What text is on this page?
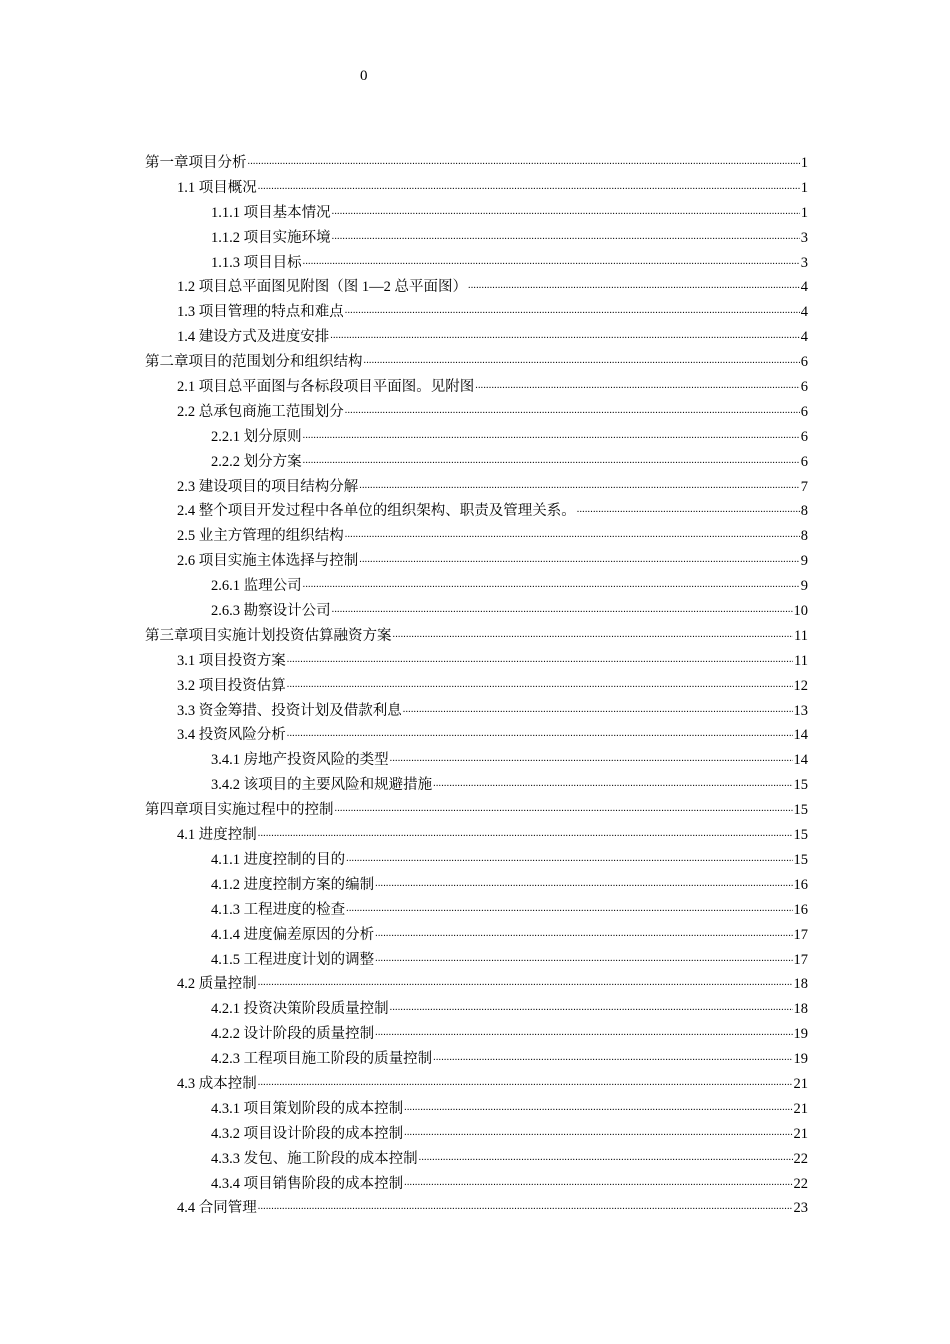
0
第一章项目分析 .....	1
1.1 项目概况 .....	1
1.1.1 项目基本情况 .....	1
1.1.2 项目实施环境 .....	3
1.1.3 项目目标 .....	3
1.2 项目总平面图见附图（图 1—2 总平面图） .....	4
1.3 项目管理的特点和难点 .....	4
1.4 建设方式及进度安排 .....	4
第二章项目的范围划分和组织结构 .....	6
2.1 项目总平面图与各标段项目平面图。见附图 .....	6
2.2 总承包商施工范围划分 .....	6
2.2.1 划分原则 .....	6
2.2.2 划分方案 .....	6
2.3 建设项目的项目结构分解 .....	7
2.4 整个项目开发过程中各单位的组织架构、职责及管理关系。 .....	8
2.5 业主方管理的组织结构 .....	8
2.6 项目实施主体选择与控制 .....	9
2.6.1 监理公司 .....	9
2.6.3 勘察设计公司 .....	10
第三章项目实施计划投资估算融资方案 .....	11
3.1 项目投资方案 .....	11
3.2 项目投资估算 .....	12
3.3 资金筹措、投资计划及借款利息 .....	13
3.4 投资风险分析 .....	14
3.4.1 房地产投资风险的类型 .....	14
3.4.2 该项目的主要风险和规避措施 .....	15
第四章项目实施过程中的控制 .....	15
4.1 进度控制 .....	15
4.1.1 进度控制的目的 .....	15
4.1.2 进度控制方案的编制 .....	16
4.1.3 工程进度的检查 .....	16
4.1.4 进度偏差原因的分析 .....	17
4.1.5 工程进度计划的调整 .....	17
4.2 质量控制 .....	18
4.2.1 投资决策阶段质量控制 .....	18
4.2.2 设计阶段的质量控制 .....	19
4.2.3 工程项目施工阶段的质量控制 .....	19
4.3 成本控制 .....	21
4.3.1 项目策划阶段的成本控制 .....	21
4.3.2 项目设计阶段的成本控制 .....	21
4.3.3 发包、施工阶段的成本控制 .....	22
4.3.4 项目销售阶段的成本控制 .....	22
4.4 合同管理 .....	23
